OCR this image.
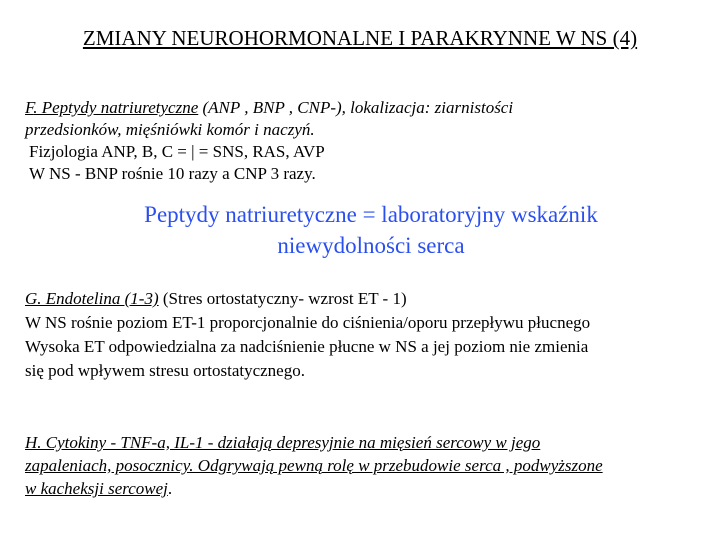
ZMIANY NEUROHORMONALNE I PARAKRYNNE W NS (4)
F. Peptydy natriuretyczne (ANP , BNP , CNP-), lokalizacja: ziarnistości
przedsionków, mięśniówki komór i naczyń.
Fizjologia ANP, B, C = | = SNS, RAS, AVP
W NS - BNP rośnie 10 razy a CNP 3 razy.
Peptydy natriuretyczne = laboratoryjny wskaźnik
niewydolności serca
G. Endotelina (1-3) (Stres ortostatyczny- wzrost ET - 1)
W NS rośnie poziom ET-1 proporcjonalnie do ciśnienia/oporu przepływu płucnego
Wysoka ET odpowiedzialna za nadciśnienie płucne w NS a jej poziom nie zmienia
się pod wpływem stresu ortostatycznego.
H. Cytokiny - TNF-a, IL-1 - działają depresyjnie na mięsień sercowy w jego
zapaleniach, posocznicy. Odgrywają pewną rolę w przebudowie serca , podwyższone
w kacheksji sercowej.
